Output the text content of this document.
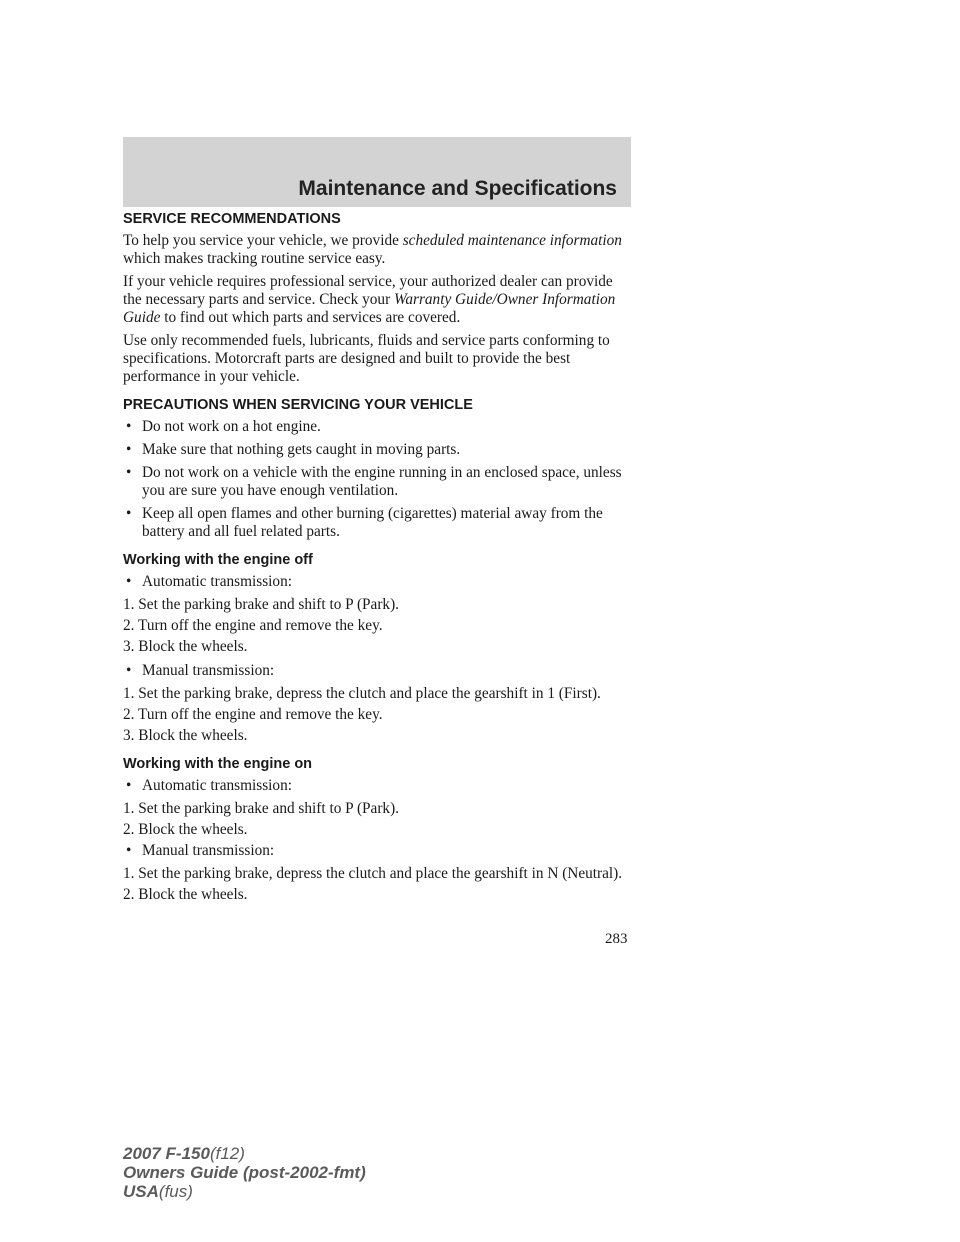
Maintenance and Specifications
SERVICE RECOMMENDATIONS

To help you service your vehicle, we provide scheduled maintenance information which makes tracking routine service easy.

If your vehicle requires professional service, your authorized dealer can provide the necessary parts and service. Check your Warranty Guide/Owner Information Guide to find out which parts and services are covered.

Use only recommended fuels, lubricants, fluids and service parts conforming to specifications. Motorcraft parts are designed and built to provide the best performance in your vehicle.

PRECAUTIONS WHEN SERVICING YOUR VEHICLE
• Do not work on a hot engine.
• Make sure that nothing gets caught in moving parts.
• Do not work on a vehicle with the engine running in an enclosed space, unless you are sure you have enough ventilation.
• Keep all open flames and other burning (cigarettes) material away from the battery and all fuel related parts.
Working with the engine off
• Automatic transmission:

1. Set the parking brake and shift to P (Park).

2. Turn off the engine and remove the key.

3. Block the wheels.

• Manual transmission:

1. Set the parking brake, depress the clutch and place the gearshift in 1 (First).

2. Turn off the engine and remove the key.

3. Block the wheels.

Working with the engine on
• Automatic transmission:

1. Set the parking brake and shift to P (Park).

2. Block the wheels.

• Manual transmission:

1. Set the parking brake, depress the clutch and place the gearshift in N (Neutral).

2. Block the wheels.

283
2007 F-150(f12)
Owners Guide (post-2002-fmt)
USA(fus)
